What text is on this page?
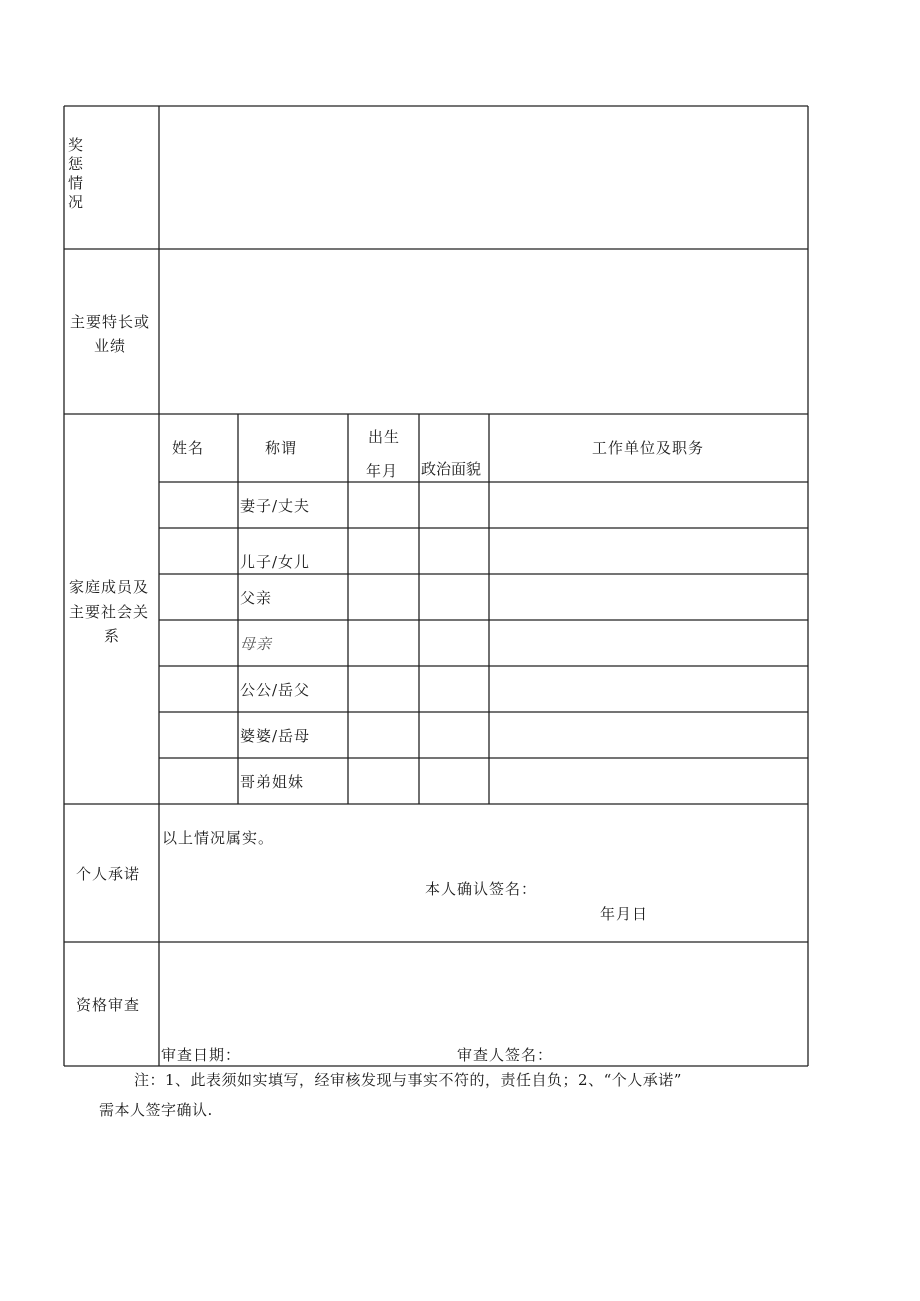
奖
惩
情
况
主要特长或
业绩
家庭成员及
主要社会关
系
姓名	称谓
出生
年月 政治面貌
工作单位及职务
妻子/丈夫
儿子/女儿
父亲
母亲
公公/岳父
婆婆/岳母
哥弟姐妹
个人承诺
以上情况属实。
本人确认签名：
年月日
资格审查
审查日期：	审查人签名：
注：1、此表须如实填写，经审核发现与事实不符的，责任自负；2、“个人承诺”
需本人签字确认.
